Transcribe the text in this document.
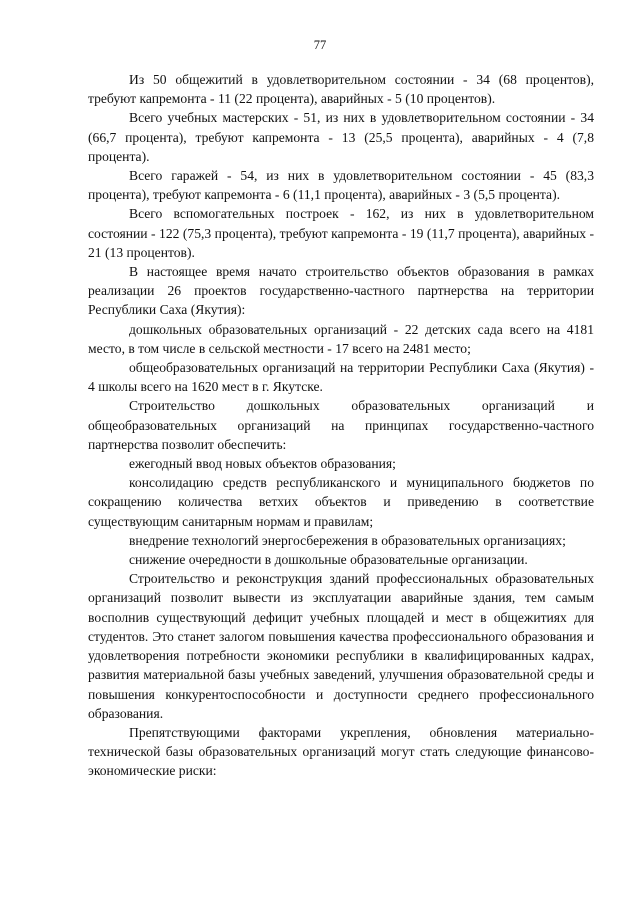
77

Из 50 общежитий в удовлетворительном состоянии - 34 (68 процентов), требуют капремонта - 11 (22 процента), аварийных - 5 (10 процентов).

Всего учебных мастерских - 51, из них в удовлетворительном состоянии - 34 (66,7 процента), требуют капремонта - 13 (25,5 процента), аварийных - 4 (7,8 процента).

Всего гаражей - 54, из них в удовлетворительном состоянии - 45 (83,3 процента), требуют капремонта - 6 (11,1 процента), аварийных - 3 (5,5 процента).

Всего вспомогательных построек - 162, из них в удовлетворительном состоянии - 122 (75,3 процента), требуют капремонта - 19 (11,7 процента), аварийных - 21 (13 процентов).

В настоящее время начато строительство объектов образования в рамках реализации 26 проектов государственно-частного партнерства на территории Республики Саха (Якутия):

дошкольных образовательных организаций - 22 детских сада всего на 4181 место, в том числе в сельской местности - 17 всего на 2481 место;

общеобразовательных организаций на территории Республики Саха (Якутия) - 4 школы всего на 1620 мест в г. Якутске.

Строительство дошкольных образовательных организаций и общеобразовательных организаций на принципах государственно-частного партнерства позволит обеспечить:

ежегодный ввод новых объектов образования;

консолидацию средств республиканского и муниципального бюджетов по сокращению количества ветхих объектов и приведению в соответствие существующим санитарным нормам и правилам;

внедрение технологий энергосбережения в образовательных организациях;

снижение очередности в дошкольные образовательные организации.

Строительство и реконструкция зданий профессиональных образовательных организаций позволит вывести из эксплуатации аварийные здания, тем самым восполнив существующий дефицит учебных площадей и мест в общежитиях для студентов. Это станет залогом повышения качества профессионального образования и удовлетворения потребности экономики республики в квалифицированных кадрах, развития материальной базы учебных заведений, улучшения образовательной среды и повышения конкурентоспособности и доступности среднего профессионального образования.

Препятствующими факторами укрепления, обновления материально-технической базы образовательных организаций могут стать следующие финансово-экономические риски:
